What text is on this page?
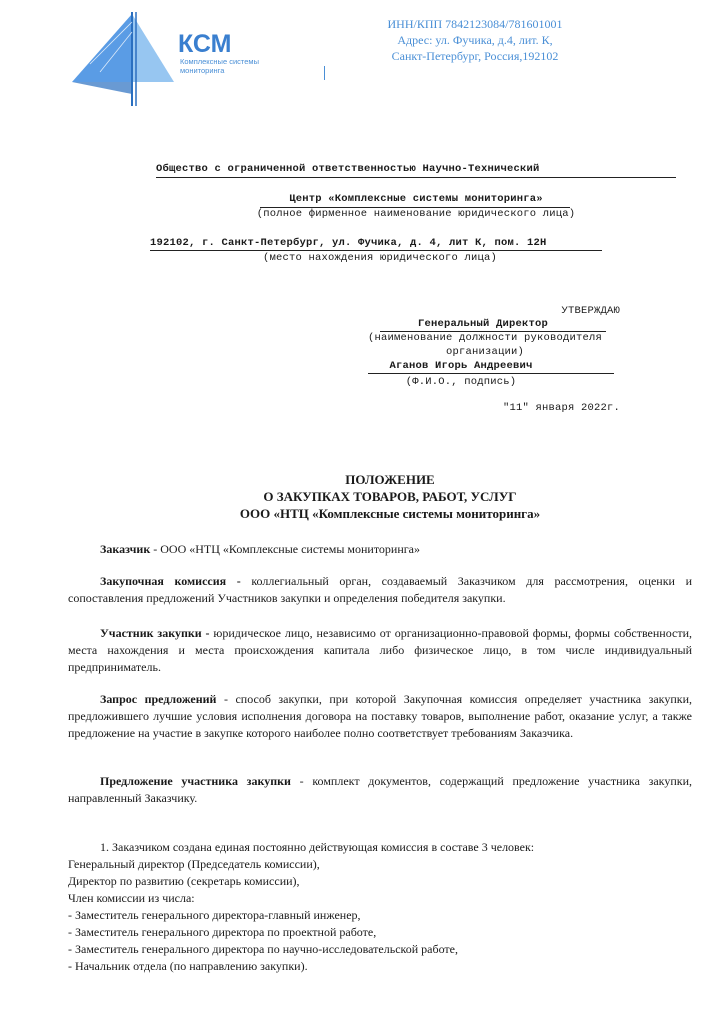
КСМ
Комплексные системы
мониторинга
ИНН/КПП 7842123084/781601001
Адрес: ул. Фучика, д.4, лит. К,
Санкт-Петербург, Россия,192102
Общество с ограниченной ответственностью Научно-Технический
Центр «Комплексные системы мониторинга»
(полное фирменное наименование юридического лица)
192102, г. Санкт-Петербург, ул. Фучика, д. 4, лит К, пом. 12Н
(место нахождения юридического лица)
УТВЕРЖДАЮ
Генеральный Директор
(наименование должности руководителя
организации)
Аганов Игорь Андреевич
(Ф.И.О., подпись)
"11" января 2022г.
ПОЛОЖЕНИЕ
О ЗАКУПКАХ ТОВАРОВ, РАБОТ, УСЛУГ
ООО «НТЦ «Комплексные системы мониторинга»
Заказчик - ООО «НТЦ «Комплексные системы мониторинга»
Закупочная комиссия - коллегиальный орган, создаваемый Заказчиком для рассмотрения, оценки и сопоставления предложений Участников закупки и определения победителя закупки.
Участник закупки - юридическое лицо, независимо от организационно-правовой формы, формы собственности, места нахождения и места происхождения капитала либо физическое лицо, в том числе индивидуальный предприниматель.
Запрос предложений - способ закупки, при которой Закупочная комиссия определяет участника закупки, предложившего лучшие условия исполнения договора на поставку товаров, выполнение работ, оказание услуг, а также предложение на участие в закупке которого наиболее полно соответствует требованиям Заказчика.
Предложение участника закупки - комплект документов, содержащий предложение участника закупки, направленный Заказчику.
1. Заказчиком создана единая постоянно действующая комиссия в составе 3 человек:
Генеральный директор (Председатель комиссии),
Директор по развитию (секретарь комиссии),
Член комиссии из числа:
- Заместитель генерального директора-главный инженер,
- Заместитель генерального директора по проектной работе,
- Заместитель генерального директора по научно-исследовательской работе,
- Начальник отдела (по направлению закупки).
